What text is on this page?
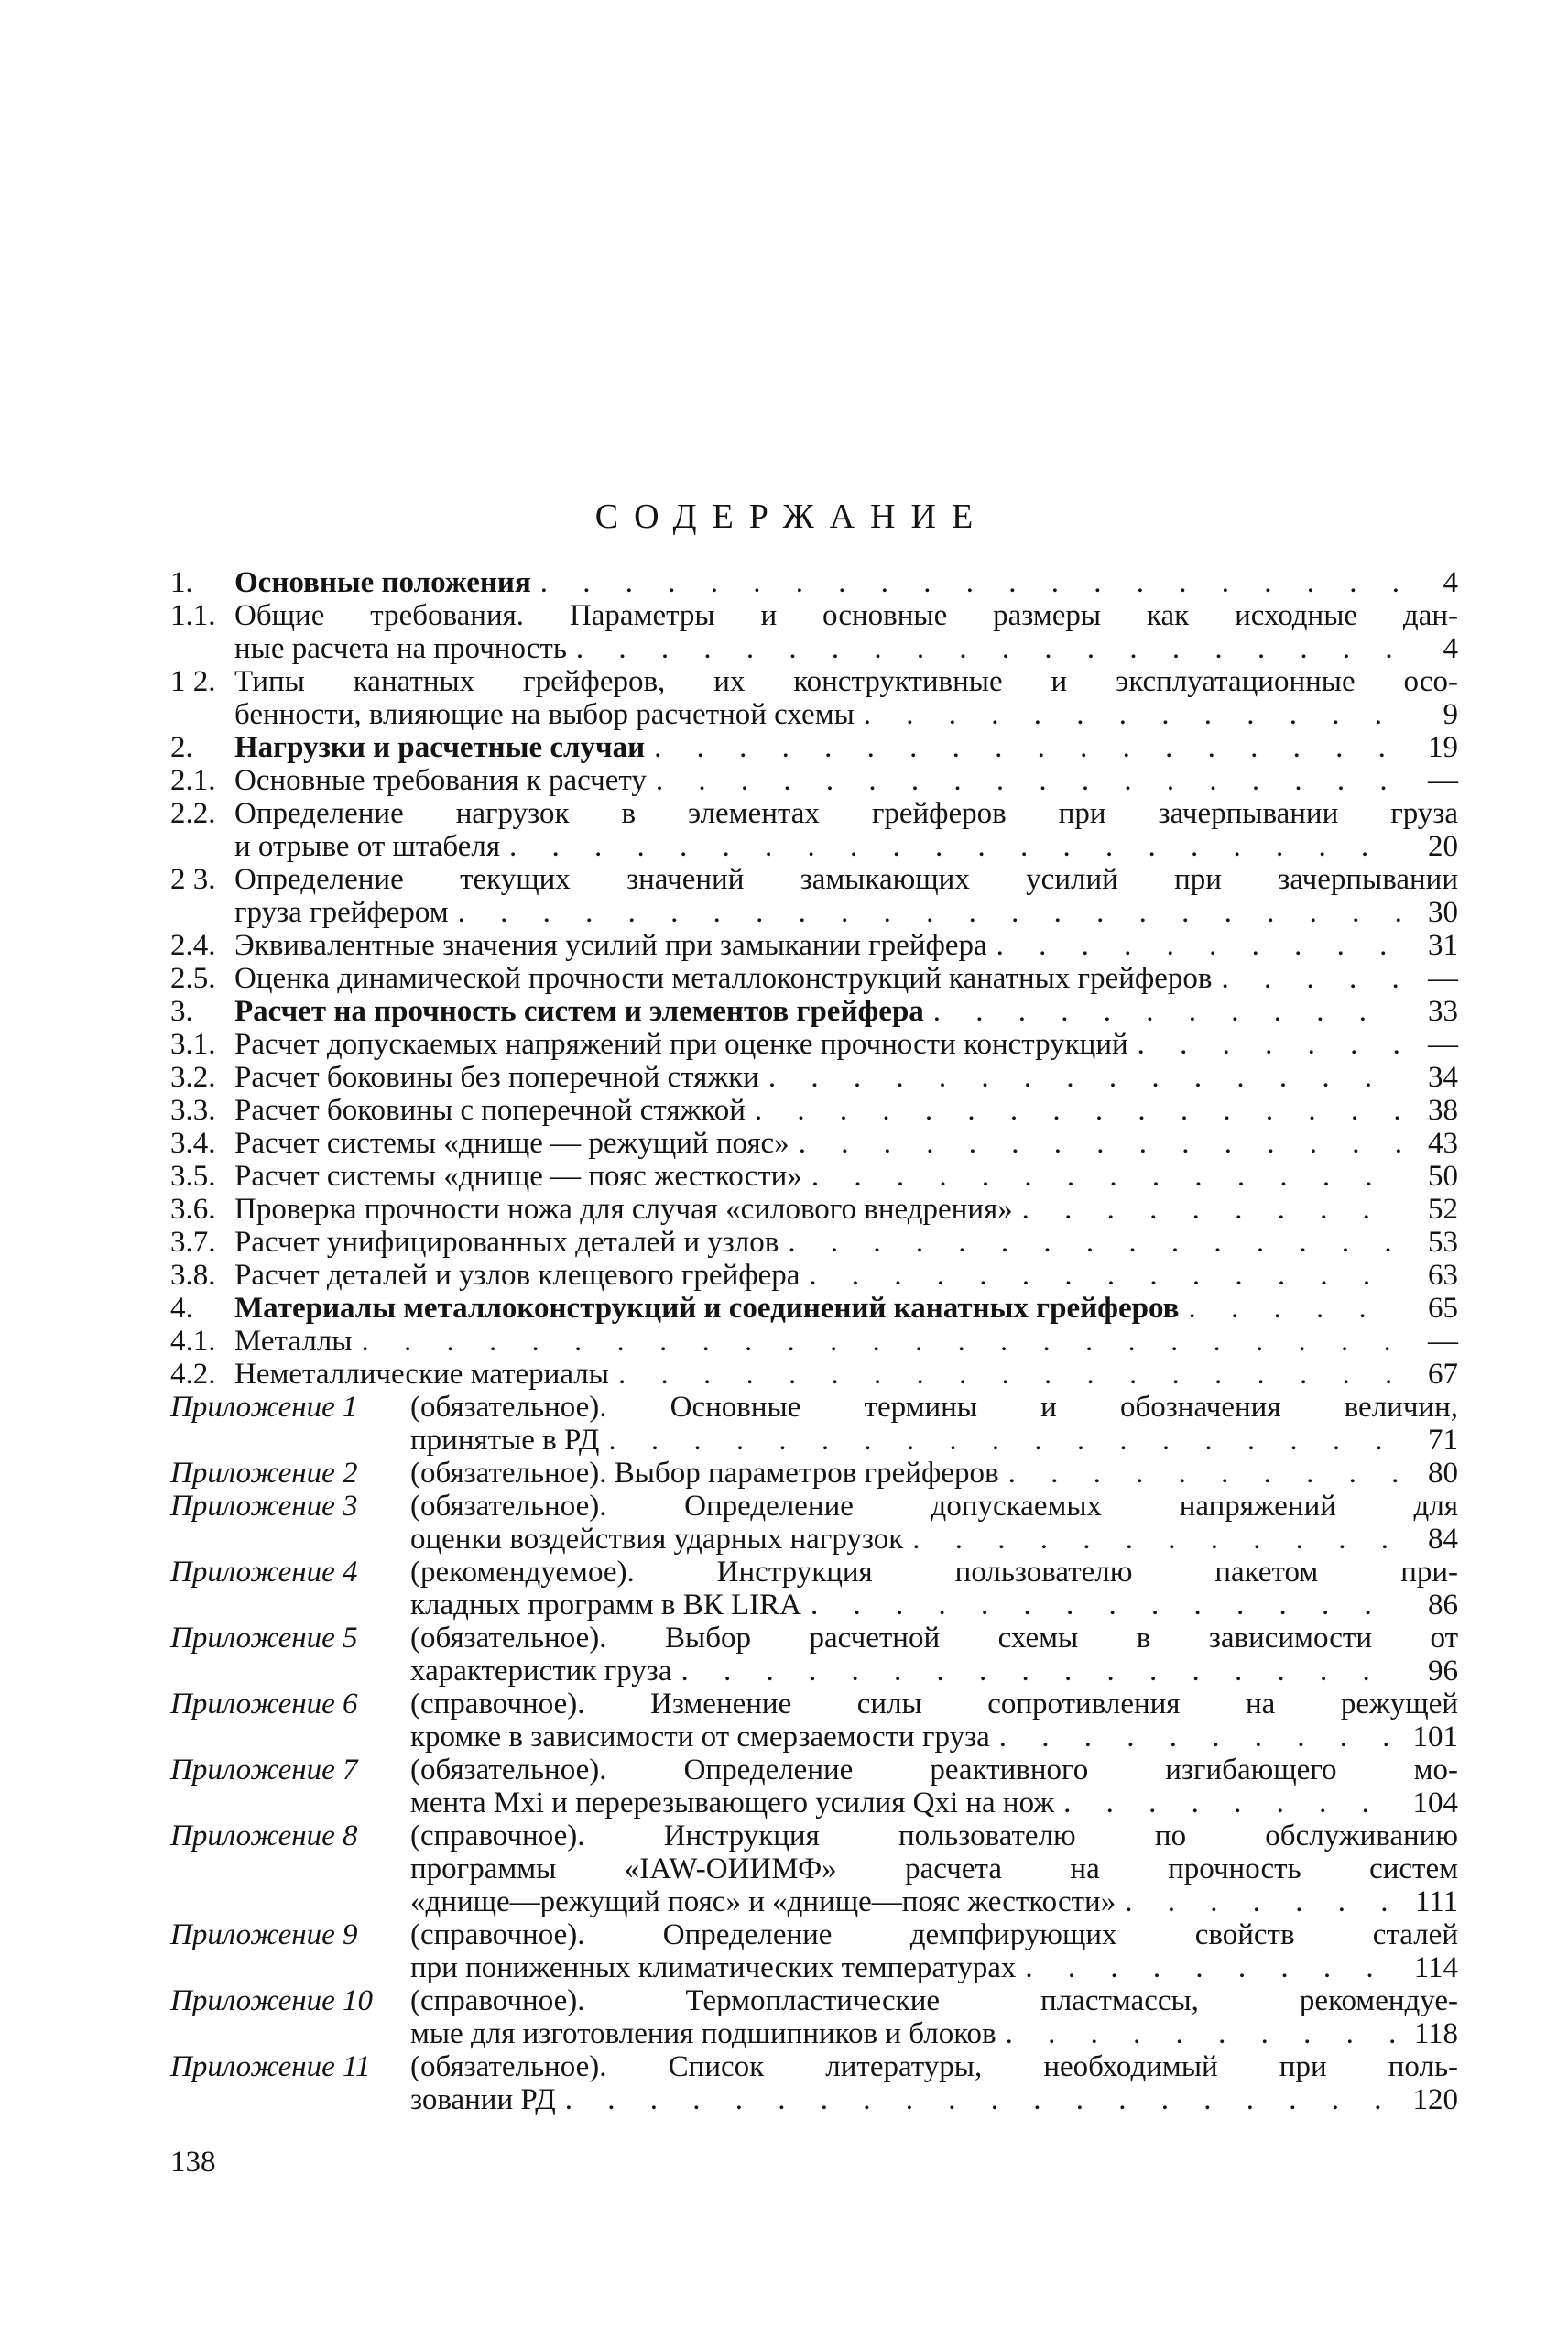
СОДЕРЖАНИЕ
1.	Основные положения . . .	4
1.1. Общие требования. Параметры и основные размеры как исходные дан-
ные расчета на прочность . . .	4
1 2. Типы канатных грейферов, их конструктивные и эксплуатационные осо-
бенности, влияющие на выбор расчетной схемы . . .	9
2.	Нагрузки и расчетные случаи . . .	19
2.1. Основные требования к расчету . . .	—
2.2. Определение нагрузок в элементах грейферов при зачерпывании груза
и отрыве от штабеля . . .	20
2 3. Определение текущих значений замыкающих усилий при зачерпывании
груза грейфером . . .	30
2.4. Эквивалентные значения усилий при замыкании грейфера . . .	31
2.5. Оценка динамической прочности металлоконструкций канатных грейферов . . .	—
3.	Расчет на прочность систем и элементов грейфера . . .	33
3.1. Расчет допускаемых напряжений при оценке прочности конструкций . . .	—
3.2. Расчет боковины без поперечной стяжки . . .	34
3.3. Расчет боковины с поперечной стяжкой . . .	38
3.4. Расчет системы «днище — режущий пояс» . . .	43
3.5. Расчет системы «днище — пояс жесткости» . . .	50
3.6. Проверка прочности ножа для случая «силового внедрения» . . .	52
3.7. Расчет унифицированных деталей и узлов . . .	53
3.8. Расчет деталей и узлов клещевого грейфера . . .	63
4.	Материалы металлоконструкций и соединений канатных грейферов . . .	65
4.1. Металлы . . .	—
4.2. Неметаллические материалы . . .	67
Приложение 1	(обязательное). Основные термины и обозначения величин,
принятые в РД . . .	71
Приложение 2	(обязательное). Выбор параметров грейферов . . .	80
Приложение 3	(обязательное). Определение допускаемых напряжений для
оценки воздействия ударных нагрузок . . .	84
Приложение 4	(рекомендуемое). Инструкция пользователю пакетом при-
кладных программ в ВК LIRA . . .	86
Приложение 5	(обязательное). Выбор расчетной схемы в зависимости от
характеристик груза . . .	96
Приложение 6	(справочное). Изменение силы сопротивления на режущей
кромке в зависимости от смерзаемости груза . . .	101
Приложение 7	(обязательное). Определение реактивного изгибающего мо-
мента Mxi и перерезывающего усилия Qxi на нож . . .	104
Приложение 8	(справочное). Инструкция пользователю по обслуживанию
программы «IAW-ОИИМФ» расчета на прочность систем
«днище—режущий пояс» и «днище—пояс жесткости» . . .	111
Приложение 9	(справочное). Определение демпфирующих свойств сталей
при пониженных климатических температурах . . .	114
Приложение 10	(справочное). Термопластические пластмассы, рекомендуе-
мые для изготовления подшипников и блоков . . .	118
Приложение 11	(обязательное). Список литературы, необходимый при поль-
зовании РД . . .	120
138
